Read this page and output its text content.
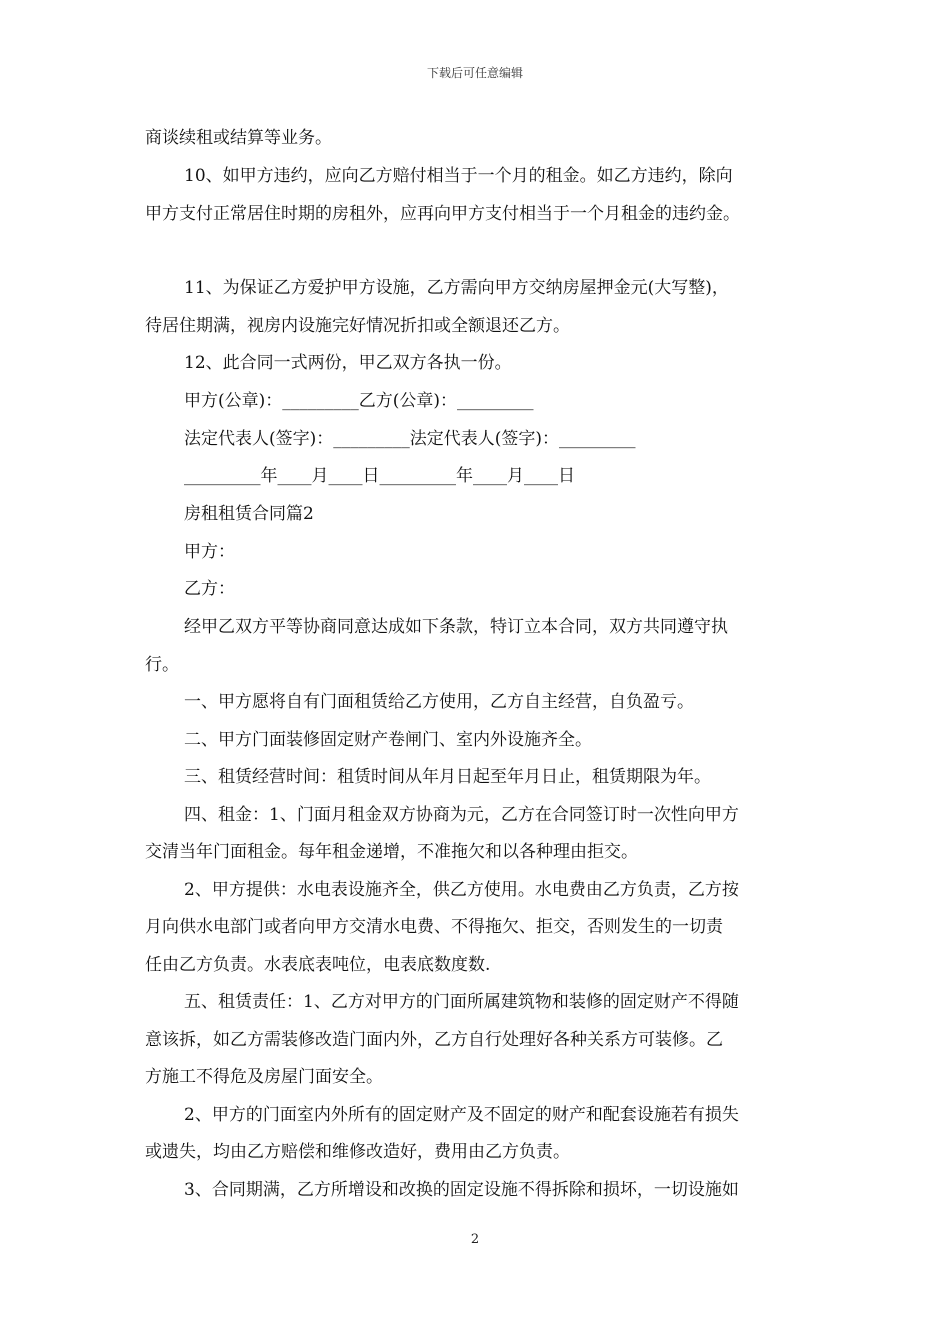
下载后可任意编辑
商谈续租或结算等业务。
10、如甲方违约，应向乙方赔付相当于一个月的租金。如乙方违约，除向
甲方支付正常居住时期的房租外，应再向甲方支付相当于一个月租金的违约金。
11、为保证乙方爱护甲方设施，乙方需向甲方交纳房屋押金元(大写整)，
待居住期满，视房内设施完好情况折扣或全额退还乙方。
12、此合同一式两份，甲乙双方各执一份。
甲方(公章)：_________乙方(公章)：_________
法定代表人(签字)：_________法定代表人(签字)：_________
_________年____月____日_________年____月____日
房租租赁合同篇2
甲方：
乙方：
经甲乙双方平等协商同意达成如下条款，特订立本合同，双方共同遵守执
行。
一、甲方愿将自有门面租赁给乙方使用，乙方自主经营，自负盈亏。
二、甲方门面装修固定财产卷闸门、室内外设施齐全。
三、租赁经营时间：租赁时间从年月日起至年月日止，租赁期限为年。
四、租金：1、门面月租金双方协商为元，乙方在合同签订时一次性向甲方
交清当年门面租金。每年租金递增，不准拖欠和以各种理由拒交。
2、甲方提供：水电表设施齐全，供乙方使用。水电费由乙方负责，乙方按
月向供水电部门或者向甲方交清水电费、不得拖欠、拒交，否则发生的一切责
任由乙方负责。水表底表吨位，电表底数度数.
五、租赁责任：1、乙方对甲方的门面所属建筑物和装修的固定财产不得随
意该拆，如乙方需装修改造门面内外，乙方自行处理好各种关系方可装修。乙
方施工不得危及房屋门面安全。
2、甲方的门面室内外所有的固定财产及不固定的财产和配套设施若有损失
或遗失，均由乙方赔偿和维修改造好，费用由乙方负责。
3、合同期满，乙方所增设和改换的固定设施不得拆除和损坏，一切设施如
2
